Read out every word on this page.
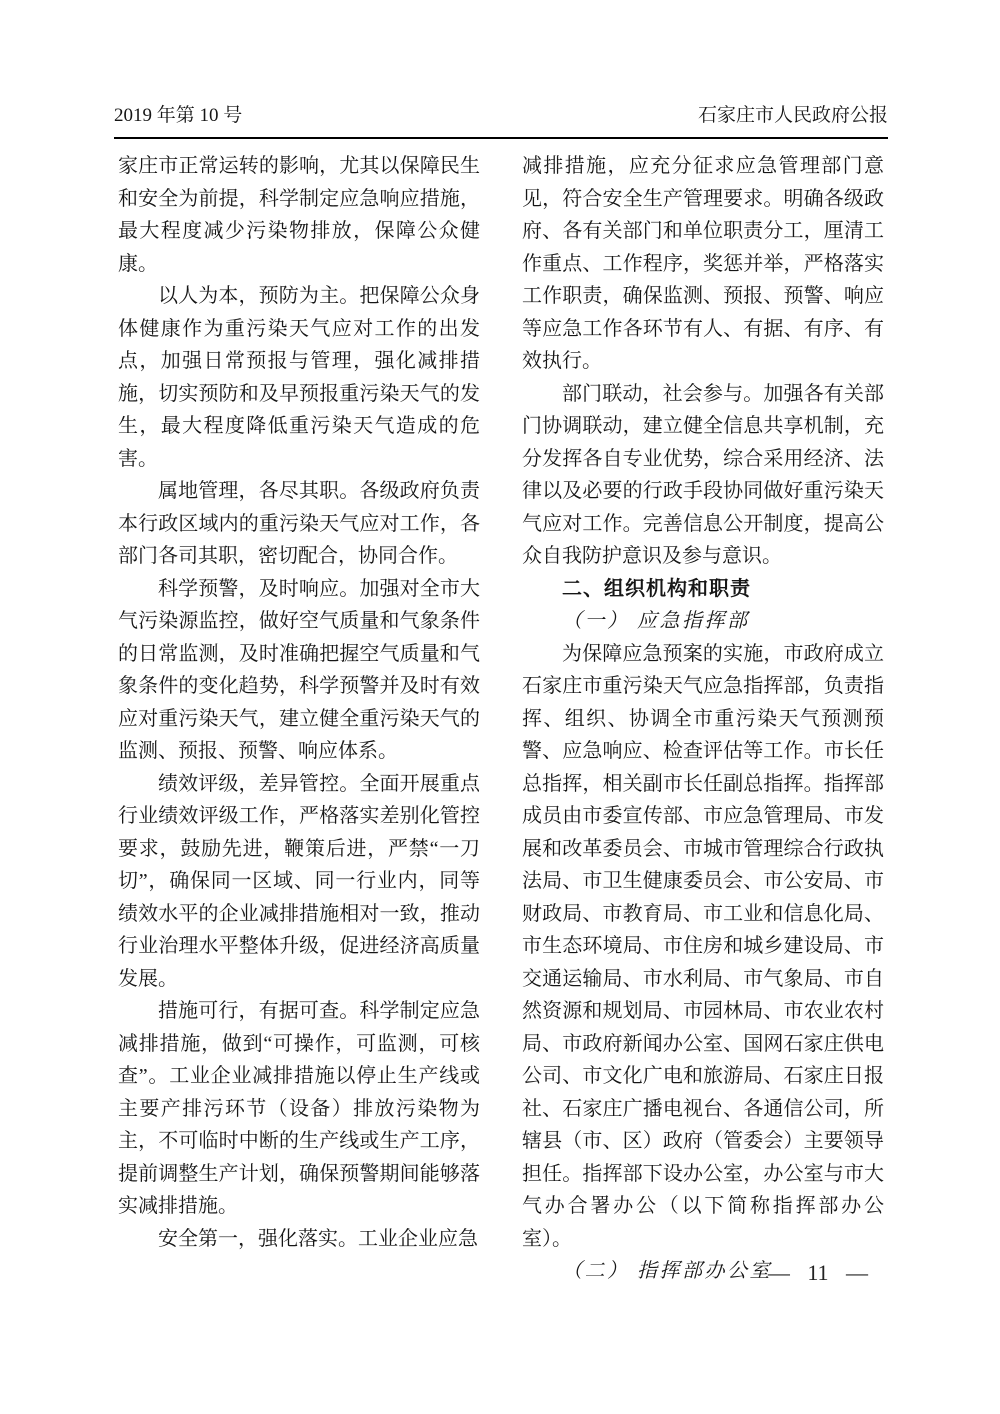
2019 年第 10 号	石家庄市人民政府公报

家庄市正常运转的影响，尤其以保障民生和安全为前提，科学制定应急响应措施，最大程度减少污染物排放，保障公众健康。

以人为本，预防为主。把保障公众身体健康作为重污染天气应对工作的出发点，加强日常预报与管理，强化减排措施，切实预防和及早预报重污染天气的发生，最大程度降低重污染天气造成的危害。

属地管理，各尽其职。各级政府负责本行政区域内的重污染天气应对工作，各部门各司其职，密切配合，协同合作。

科学预警，及时响应。加强对全市大气污染源监控，做好空气质量和气象条件的日常监测，及时准确把握空气质量和气象条件的变化趋势，科学预警并及时有效应对重污染天气，建立健全重污染天气的监测、预报、预警、响应体系。

绩效评级，差异管控。全面开展重点行业绩效评级工作，严格落实差别化管控要求，鼓励先进，鞭策后进，严禁“一刀切”，确保同一区域、同一行业内，同等绩效水平的企业减排措施相对一致，推动行业治理水平整体升级，促进经济高质量发展。

措施可行，有据可查。科学制定应急减排措施，做到“可操作，可监测，可核查”。工业企业减排措施以停止生产线或主要产排污环节（设备）排放污染物为主，不可临时中断的生产线或生产工序，提前调整生产计划，确保预警期间能够落实减排措施。

安全第一，强化落实。工业企业应急

减排措施，应充分征求应急管理部门意见，符合安全生产管理要求。明确各级政府、各有关部门和单位职责分工，厘清工作重点、工作程序，奖惩并举，严格落实工作职责，确保监测、预报、预警、响应等应急工作各环节有人、有据、有序、有效执行。

部门联动，社会参与。加强各有关部门协调联动，建立健全信息共享机制，充分发挥各自专业优势，综合采用经济、法律以及必要的行政手段协同做好重污染天气应对工作。完善信息公开制度，提高公众自我防护意识及参与意识。

二、组织机构和职责

（一） 应急指挥部

为保障应急预案的实施，市政府成立石家庄市重污染天气应急指挥部，负责指挥、组织、协调全市重污染天气预测预警、应急响应、检查评估等工作。市长任总指挥，相关副市长任副总指挥。指挥部成员由市委宣传部、市应急管理局、市发展和改革委员会、市城市管理综合行政执法局、市卫生健康委员会、市公安局、市财政局、市教育局、市工业和信息化局、市生态环境局、市住房和城乡建设局、市交通运输局、市水利局、市气象局、市自然资源和规划局、市园林局、市农业农村局、市政府新闻办公室、国网石家庄供电公司、市文化广电和旅游局、石家庄日报社、石家庄广播电视台、各通信公司，所辖县（市、区）政府（管委会）主要领导担任。指挥部下设办公室，办公室与市大气办合署办公（以下简称指挥部办公室）。

（二） 指挥部办公室

— 11 —
